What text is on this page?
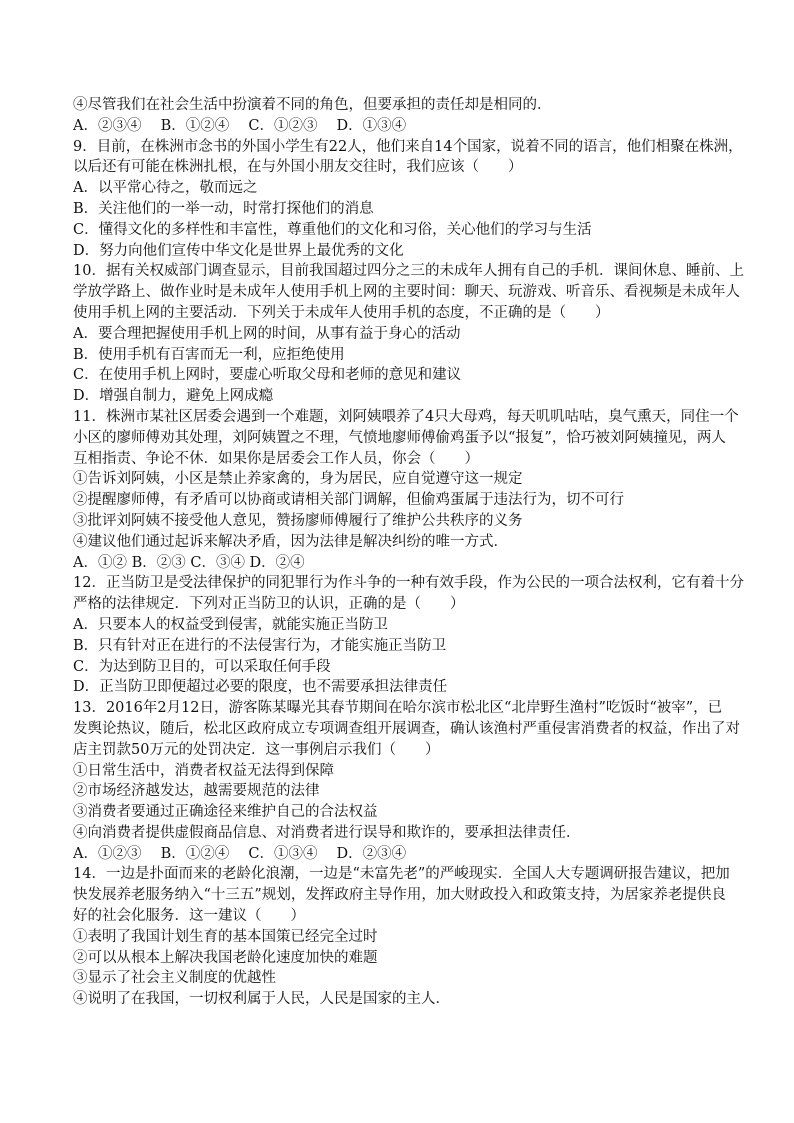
④尽管我们在社会生活中扮演着不同的角色，但要承担的责任却是相同的．
A．②③④　 B．①②④　 C．①②③　 D．①③④
9．目前，在株洲市念书的外国小学生有22人，他们来自14个国家，说着不同的语言，他们相聚在株洲，
以后还有可能在株洲扎根，在与外国小朋友交往时，我们应该（　　）
A．以平常心待之，敬而远之
B．关注他们的一举一动，时常打探他们的消息
C．懂得文化的多样性和丰富性，尊重他们的文化和习俗，关心他们的学习与生活
D．努力向他们宣传中华文化是世界上最优秀的文化
10．据有关权威部门调查显示，目前我国超过四分之三的未成年人拥有自己的手机．课间休息、睡前、上
学放学路上、做作业时是未成年人使用手机上网的主要时间：聊天、玩游戏、听音乐、看视频是未成年人
使用手机上网的主要活动．下列关于未成年人使用手机的态度，不正确的是（　　）
A．要合理把握使用手机上网的时间，从事有益于身心的活动
B．使用手机有百害而无一利，应拒绝使用
C．在使用手机上网时，要虚心听取父母和老师的意见和建议
D．增强自制力，避免上网成瘾
11．株洲市某社区居委会遇到一个难题，刘阿姨喂养了4只大母鸡，每天叽叽咕咕，臭气熏天，同住一个
小区的廖师傅劝其处理，刘阿姨置之不理，气愤地廖师傅偷鸡蛋予以“报复”，恰巧被刘阿姨撞见，两人
互相指责、争论不休．如果你是居委会工作人员，你会（　　）
①告诉刘阿姨，小区是禁止养家禽的，身为居民，应自觉遵守这一规定
②提醒廖师傅，有矛盾可以协商或请相关部门调解，但偷鸡蛋属于违法行为，切不可行
③批评刘阿姨不接受他人意见，赞扬廖师傅履行了维护公共秩序的义务
④建议他们通过起诉来解决矛盾，因为法律是解决纠纷的唯一方式．
A．①② B．②③ C．③④ D．②④
12．正当防卫是受法律保护的同犯罪行为作斗争的一种有效手段，作为公民的一项合法权利，它有着十分
严格的法律规定．下列对正当防卫的认识，正确的是（　　）
A．只要本人的权益受到侵害，就能实施正当防卫
B．只有针对正在进行的不法侵害行为，才能实施正当防卫
C．为达到防卫目的，可以采取任何手段
D．正当防卫即便超过必要的限度，也不需要承担法律责任
13．2016年2月12日，游客陈某曝光其春节期间在哈尔滨市松北区“北岸野生渔村”吃饭时“被宰”，已
发舆论热议，随后，松北区政府成立专项调查组开展调查，确认该渔村严重侵害消费者的权益，作出了对
店主罚款50万元的处罚决定．这一事例启示我们（　　）
①日常生活中，消费者权益无法得到保障
②市场经济越发达，越需要规范的法律
③消费者要通过正确途径来维护自己的合法权益
④向消费者提供虚假商品信息、对消费者进行误导和欺诈的，要承担法律责任．
A．①②③　 B．①②④　 C．①③④　 D．②③④
14．一边是扑面而来的老龄化浪潮，一边是“未富先老”的严峻现实．全国人大专题调研报告建议，把加
快发展养老服务纳入“十三五”规划，发挥政府主导作用，加大财政投入和政策支持，为居家养老提供良
好的社会化服务．这一建议（　　）
①表明了我国计划生育的基本国策已经完全过时
②可以从根本上解决我国老龄化速度加快的难题
③显示了社会主义制度的优越性
④说明了在我国，一切权利属于人民，人民是国家的主人．
